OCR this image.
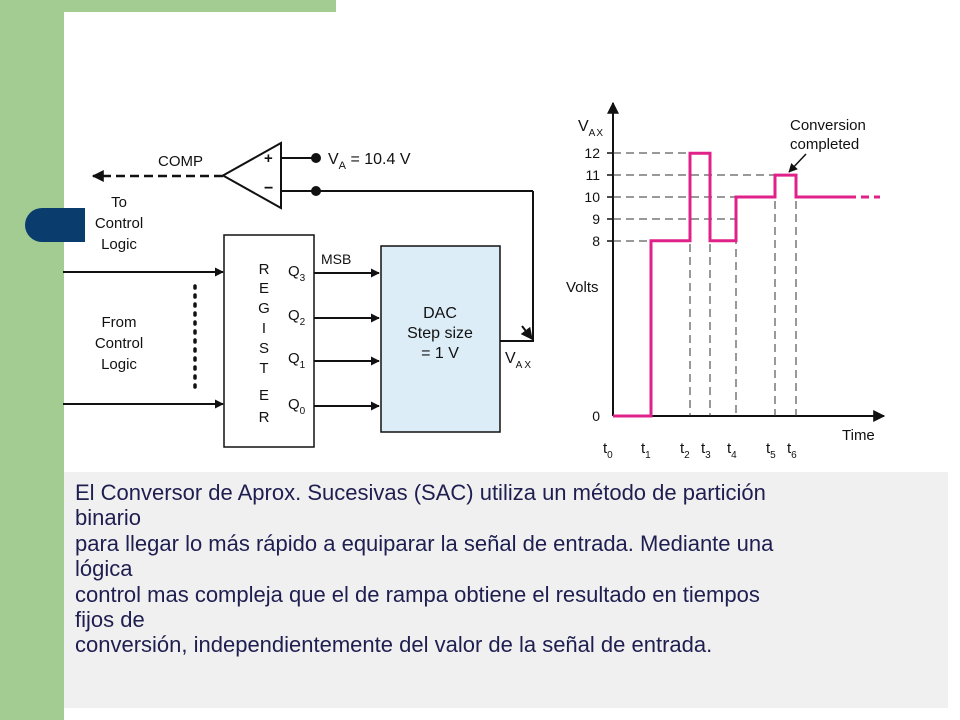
+
−
$V_A = 10.4$ V
COMP
To
Control
Logic
R
E
G
I
S
T
E
R
$Q_3$
$Q_2$
$Q_1$
$Q_0$
MSB
From
Control
Logic
DAC
Step size
= 1 V	$V_{AX}$
$V_{AX}$
Volts
Time
12
11
10
9
8
0
$t_0$ $t_1$ $t_2$ $t_3$ $t_4$ $t_5$ $t_6$
Conversion
completed

El Conversor de Aprox. Sucesivas (SAC) utiliza un método de partición
binario
para llegar lo más rápido a equiparar la señal de entrada. Mediante una
lógica
control mas compleja que el de rampa obtiene el resultado en tiempos
fijos de
conversión, independientemente del valor de la señal de entrada.
